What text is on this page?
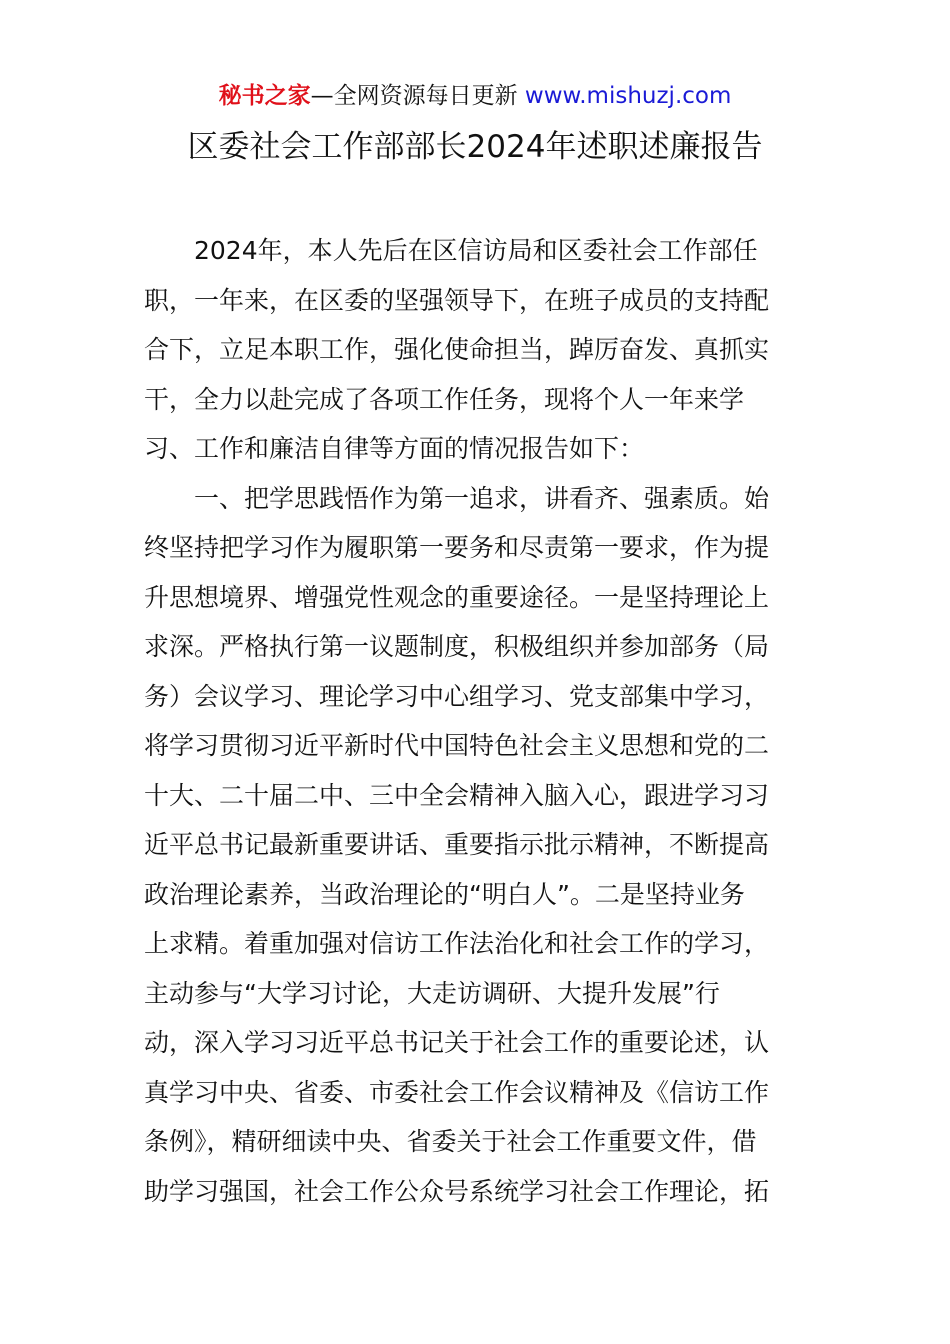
秘书之家—全网资源每日更新 www.mishuzj.com
区委社会工作部部长2024年述职述廉报告
2024年，本人先后在区信访局和区委社会工作部任
职，一年来，在区委的坚强领导下，在班子成员的支持配
合下，立足本职工作，强化使命担当，踔厉奋发、真抓实
干，全力以赴完成了各项工作任务，现将个人一年来学
习、工作和廉洁自律等方面的情况报告如下：
一、把学思践悟作为第一追求，讲看齐、强素质。始
终坚持把学习作为履职第一要务和尽责第一要求，作为提
升思想境界、增强党性观念的重要途径。一是坚持理论上
求深。严格执行第一议题制度，积极组织并参加部务（局
务）会议学习、理论学习中心组学习、党支部集中学习，
将学习贯彻习近平新时代中国特色社会主义思想和党的二
十大、二十届二中、三中全会精神入脑入心，跟进学习习
近平总书记最新重要讲话、重要指示批示精神，不断提高
政治理论素养，当政治理论的“明白人”。二是坚持业务
上求精。着重加强对信访工作法治化和社会工作的学习，
主动参与“大学习讨论，大走访调研、大提升发展”行
动，深入学习习近平总书记关于社会工作的重要论述，认
真学习中央、省委、市委社会工作会议精神及《信访工作
条例》，精研细读中央、省委关于社会工作重要文件，借
助学习强国，社会工作公众号系统学习社会工作理论，拓
